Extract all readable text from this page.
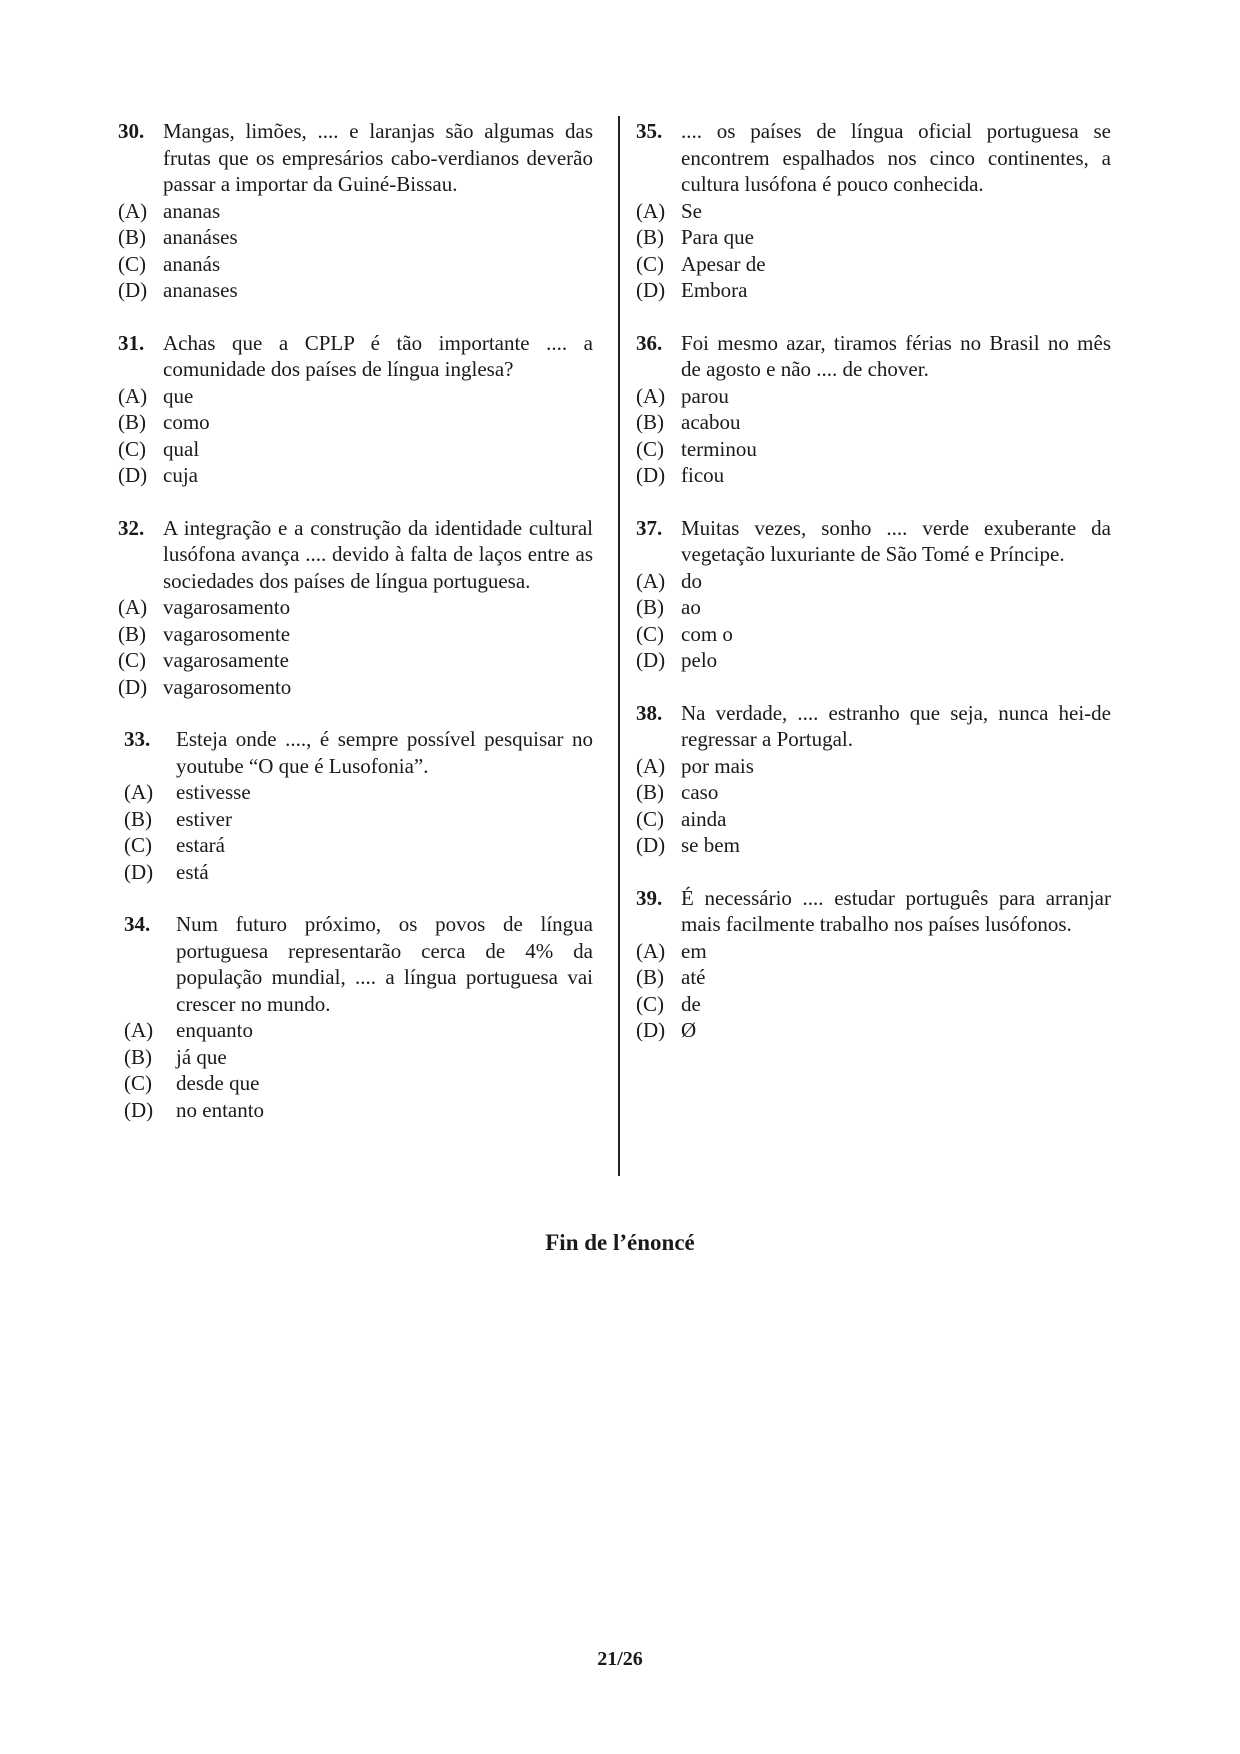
30. Mangas, limões, .... e laranjas são algumas das frutas que os empresários cabo-verdianos deverão passar a importar da Guiné-Bissau.
(A) ananas
(B) ananáses
(C) ananás
(D) ananases
31. Achas que a CPLP é tão importante .... a comunidade dos países de língua inglesa?
(A) que
(B) como
(C) qual
(D) cuja
32. A integração e a construção da identidade cultural lusófona avança .... devido à falta de laços entre as sociedades dos países de língua portuguesa.
(A) vagarosamento
(B) vagarosomente
(C) vagarosamente
(D) vagarosomento
33.	Esteja onde ...., é sempre possível pesquisar no youtube “O que é Lusofonia”.
(A)	estivesse
(B)	estiver
(C)	estará
(D)	está
34.	Num futuro próximo, os povos de língua portuguesa representarão cerca de 4% da população mundial, .... a língua portuguesa vai crescer no mundo.
(A)	enquanto
(B)	já que
(C)	desde que
(D)	no entanto
35. .... os países de língua oficial portuguesa se encontrem espalhados nos cinco continentes, a cultura lusófona é pouco conhecida.
(A) Se
(B) Para que
(C) Apesar de
(D) Embora
36. Foi mesmo azar, tiramos férias no Brasil no mês de agosto e não .... de chover.
(A) parou
(B) acabou
(C) terminou
(D) ficou
37. Muitas vezes, sonho .... verde exuberante da vegetação luxuriante de São Tomé e Príncipe.
(A) do
(B) ao
(C) com o
(D) pelo
38. Na verdade, .... estranho que seja, nunca hei-de regressar a Portugal.
(A) por mais
(B) caso
(C) ainda
(D) se bem
39. É necessário .... estudar português para arranjar mais facilmente trabalho nos países lusófonos.
(A) em
(B) até
(C) de
(D) Ø
Fin de l’énoncé
21/26
